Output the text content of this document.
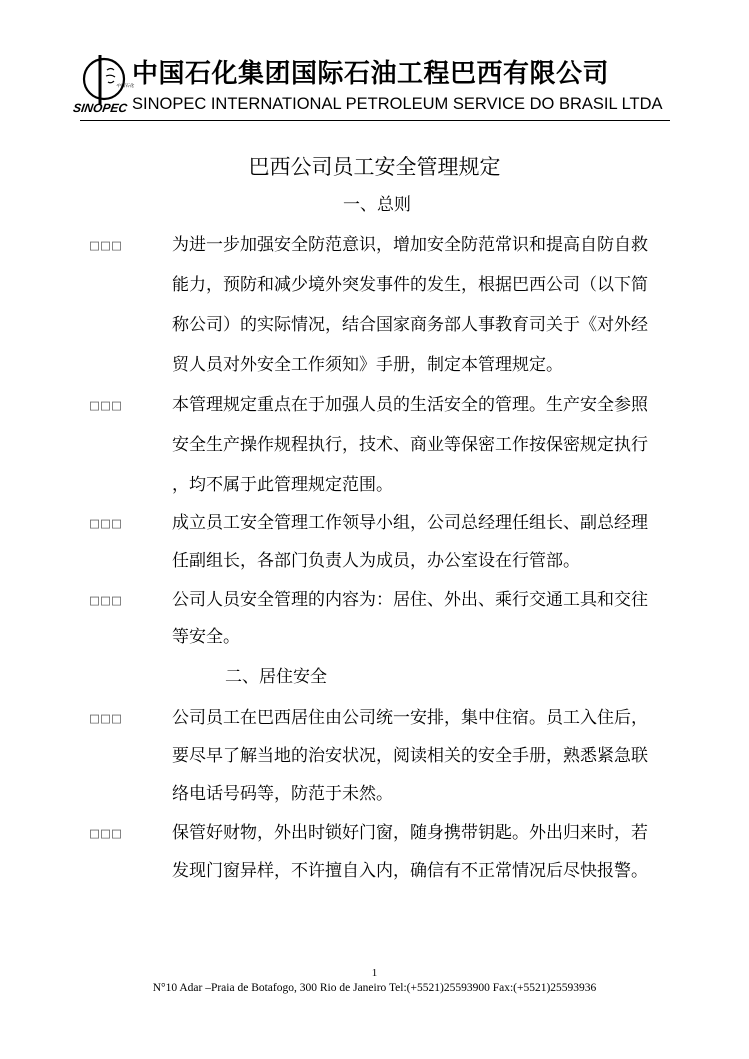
中国石化
SINOPEC
中国石化集团国际石油工程巴西有限公司
SINOPEC INTERNATIONAL PETROLEUM SERVICE DO BRASIL LTDA
巴西公司员工安全管理规定
一、总则
□□□	为进一步加强安全防范意识，增加安全防范常识和提高自防自救
能力，预防和减少境外突发事件的发生，根据巴西公司（以下简
称公司）的实际情况，结合国家商务部人事教育司关于《对外经
贸人员对外安全工作须知》手册，制定本管理规定。
□□□	本管理规定重点在于加强人员的生活安全的管理。生产安全参照
安全生产操作规程执行，技术、商业等保密工作按保密规定执行
，均不属于此管理规定范围。
□□□	成立员工安全管理工作领导小组，公司总经理任组长、副总经理
任副组长，各部门负责人为成员，办公室设在行管部。
□□□	公司人员安全管理的内容为：居住、外出、乘行交通工具和交往
等安全。
二、居住安全
□□□	公司员工在巴西居住由公司统一安排，集中住宿。员工入住后，
要尽早了解当地的治安状况，阅读相关的安全手册，熟悉紧急联
络电话号码等，防范于未然。
□□□	保管好财物，外出时锁好门窗，随身携带钥匙。外出归来时，若
发现门窗异样，不许擅自入内，确信有不正常情况后尽快报警。
1
N°10 Adar –Praia de Botafogo, 300 Rio de Janeiro Tel:(+5521)25593900 Fax:(+5521)25593936
